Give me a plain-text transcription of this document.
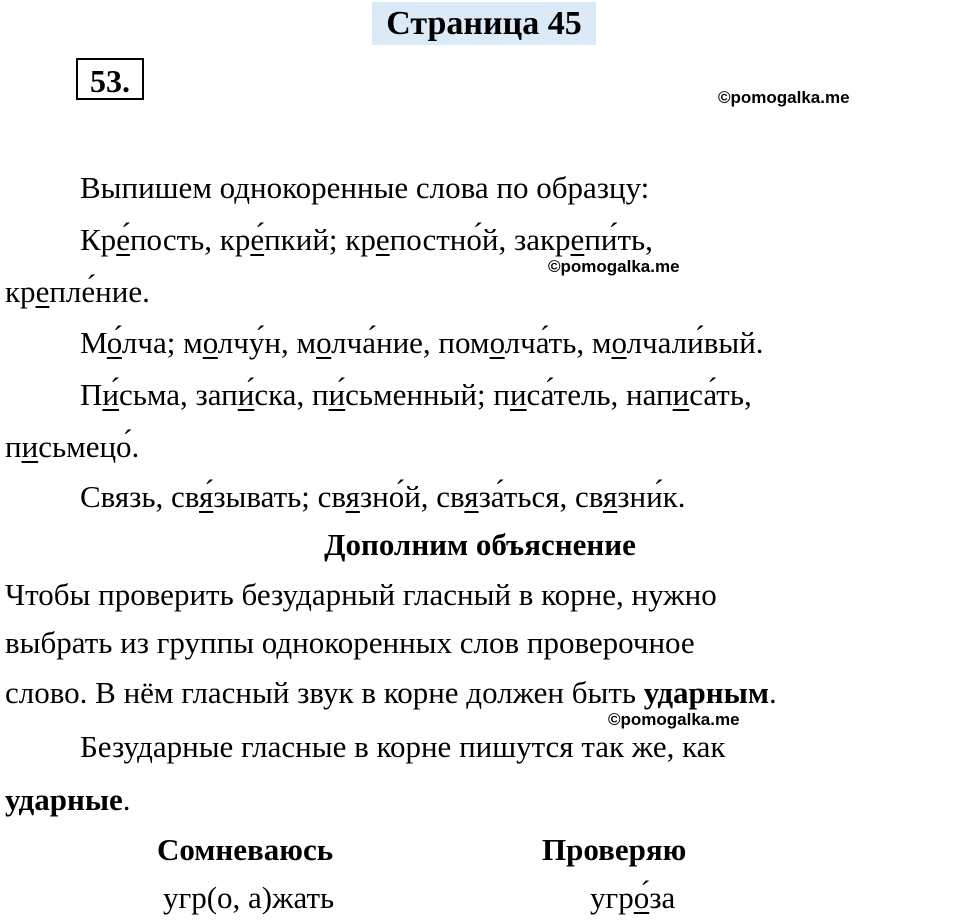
Страница 45
53.	©pomogalka.me
©pomogalka.me
©pomogalka.me
Выпишем однокоренные слова по образцу:
Кре́пость, кре́пкий; крепостно́й, закрепи́ть,
крепле́ние.
Мо́лча; молчу́н, молча́ние, помолча́ть, молчали́вый.
Пи́сьма, запи́ска, пи́сьменный; писа́тель, написа́ть,
письмецо́.
Связь, свя́зывать; связно́й, связа́ться, связни́к.
Дополним объяснение
Чтобы проверить безударный гласный в корне, нужно
выбрать из группы однокоренных слов проверочное
слово. В нём гласный звук в корне должен быть ударным.
Безударные гласные в корне пишутся так же, как
ударные.
Сомневаюсь	Проверяю
угр(о, а)жать	угро́за
